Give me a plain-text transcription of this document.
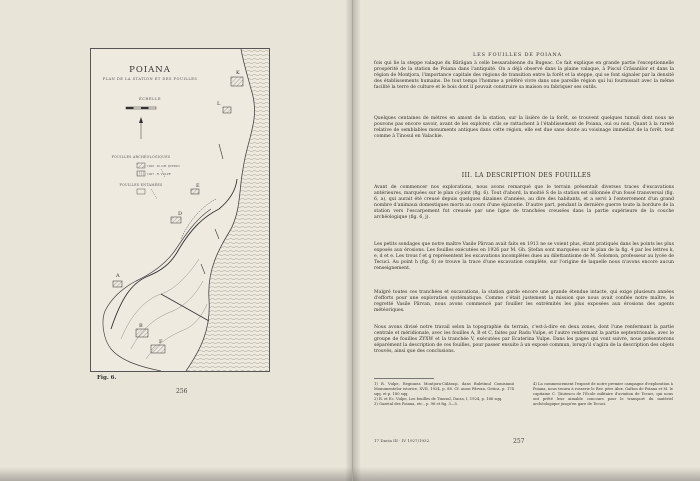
A
B
D
E
F
K
L
POIANA
PLAN DE LA STATION ET DES FOUILLES
ÉCHELLE
FOUILLES ARCHÉOLOGIQUES
1926 · M. GH. ŞTEFAN
1927 · R. VULPE
FOUILLES ENTAMÉES
Fig. 6.
256
LES FOUILLES DE POIANA

fois qui lie la steppe valaque du Bărăgan à celle bessarabienne du Bugeac. Ce fait explique en grande partie l'exceptionnelle prospérité de la station de Poiana dans l'antiquité. On a déjà observé dans la plaine valaque, à Piscul Crăsanilor et dans la région de Montjora, l'importance capitale des régions de transition entre la forêt et la steppe, qui se font signaler par la densité des établissements humains. De tout temps l'homme a préféré vivre dans une pareille région qui lui fournissait avec la même facilité la terre de culture et le bois dont il pouvait construire sa maison ou fabriquer ses outils.

Quelques centaines de mètres en amont de la station, sur la lisière de la forêt, se trouvent quelques tumuli dont nous ne pouvons pas encore savoir, avant de les explorer, s'ils se rattachent à l'établissement de Poiana, oui ou non. Quant à la rareté relative de semblables monuments antiques dans cette région, elle est due sans doute au voisinage immédiat de la forêt, tout comme à Tinosul en Valachie.

III. LA DESCRIPTION DES FOUILLES

Avant de commencer nos explorations, nous avons remarqué que le terrain présentait diverses traces d'excavations antérieures, marquées sur le plan ci-joint (fig. 6). Tout d'abord, la moitié S de la station est sillonnée d'un fossé transversal (fig. 6, a), qui aurait été creusé depuis quelques dizaines d'années, au dire des habitants, et a servi à l'enterrement d'un grand nombre d'animaux domestiques morts au cours d'une épizootie. D'autre part, pendant la dernière guerre toute la bordure de la station vers l'escarpement fut creusée par une ligne de tranchées creusées dans la partie supérieure de la couche archéologique (fig. 6, j).

Les petits sondages que notre maître Vasile Pârvan avait faits en 1913 ne se voient plus, étant pratiqués dans les points les plus exposés aux érosions. Les fouilles exécutées en 1926 par M. Gh. Ştefan sont marquées sur le plan de la fig. 4 par les lettres k, e, d et e. Les trous f et g représentent les excavations incomplètes dues au dilettantisme de M. Solomon, professeur au lycée de Tecuci. Au point h (fig. 6) se trouve la trace d'une excavation complète, sur l'origine de laquelle nous n'avons encore aucun renseignement.

Malgré toutes ces tranchées et excavations, la station garde encore une grande étendue intacte, qui exige plusieurs années d'efforts pour une exploration systématique. Comme c'était justement la mission que nous avait confiée notre maître, le regretté Vasile Pârvan, nous avons commencé par fouiller les extrémités les plus exposées aux érosions des agents météoriques.

Nous avons divisé notre travail selon la topographie du terrain, c'est-à-dire en deux zones, dont l'une renfermant la partie centrale et méridionale, avec les fouilles A, B et C, faites par Radu Vulpe, et l'autre renfermant la partie septentrionale, avec le groupe de fouilles ZYXW et la tranchée V, exécutées par Ecaterina Vulpe. Dans les pages qui vont suivre, nous présenterons séparément la description de ces fouilles, pour passer ensuite à un exposé commun, lorsqu'il s'agira de la description des objets trouvés, ainsi que des conclusions.

1) R. Vulpe, Regiunea Montjora-Călăraşi, dans Buletinul Comisiunii Monumentelor istorice, XVII, 1924, p. 88. Cf. aussi Pârvan, Getica, p. 174 sqq. et p. 180 sqq.
2) R. et Ec. Vulpe, Les fouilles de Tinosul, Dacia, I, 1924, p. 166 sqq.
3) Gazetal des Poiana, etc., p. 96 et fig. 3—5.

4) La commencement l'exposé de notre premier campagne d'exploration à Poiana, nous trouva à rosserie le Rev. père Alex. Gafton de Poiana et M. le capitaine C. Ţăutescu de l'École militaire d'aviation de Tecuci, qui nous ont prêté leur aimable concours pour le transport du matériel archéologique jusqu'en gare de Tecuci.

17 Dacia III · IV 1927/1932.	257
